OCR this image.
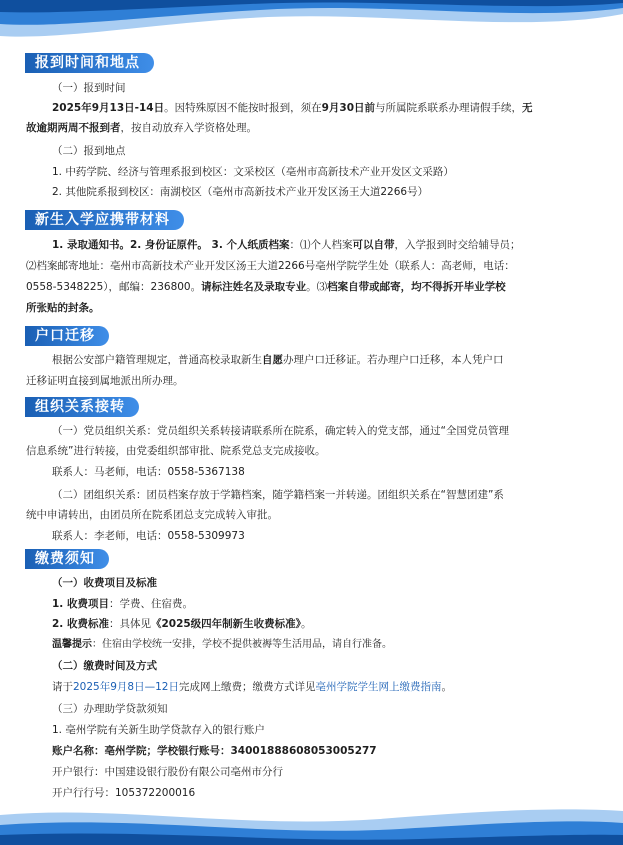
报到时间和地点
（一）报到时间
2025年9月13日-14日。因特殊原因不能按时报到，须在9月30日前与所属院系联系办理请假手续，无
故逾期两周不报到者，按自动放弃入学资格处理。
（二）报到地点
1. 中药学院、经济与管理系报到校区：文采校区（亳州市高新技术产业开发区文采路）
2. 其他院系报到校区：南湖校区（亳州市高新技术产业开发区汤王大道2266号）
新生入学应携带材料
1. 录取通知书。2. 身份证原件。 3. 个人纸质档案：⑴个人档案可以自带，入学报到时交给辅导员；
⑵档案邮寄地址：亳州市高新技术产业开发区汤王大道2266号亳州学院学生处（联系人：高老师，电话：
0558-5348225），邮编：236800。请标注姓名及录取专业。⑶档案自带或邮寄，均不得拆开毕业学校
所张贴的封条。
户口迁移
根据公安部户籍管理规定，普通高校录取新生自愿办理户口迁移证。若办理户口迁移，本人凭户口
迁移证明直接到属地派出所办理。
组织关系接转
（一）党员组织关系：党员组织关系转接请联系所在院系，确定转入的党支部，通过“全国党员管理
信息系统”进行转接，由党委组织部审批、院系党总支完成接收。
联系人：马老师，电话：0558-5367138
（二）团组织关系：团员档案存放于学籍档案，随学籍档案一并转递。团组织关系在“智慧团建”系
统中申请转出，由团员所在院系团总支完成转入审批。
联系人：李老师，电话：0558-5309973
缴费须知
（一）收费项目及标准
1. 收费项目：学费、住宿费。
2. 收费标准：具体见《2025级四年制新生收费标准》。
温馨提示：住宿由学校统一安排，学校不提供被褥等生活用品，请自行准备。
（二）缴费时间及方式
请于2025年9月8日—12日完成网上缴费；缴费方式详见亳州学院学生网上缴费指南。
（三）办理助学贷款须知
1. 亳州学院有关新生助学贷款存入的银行账户
账户名称：亳州学院；学校银行账号：34001888608053005277
开户银行：中国建设银行股份有限公司亳州市分行
开户行行号：105372200016
